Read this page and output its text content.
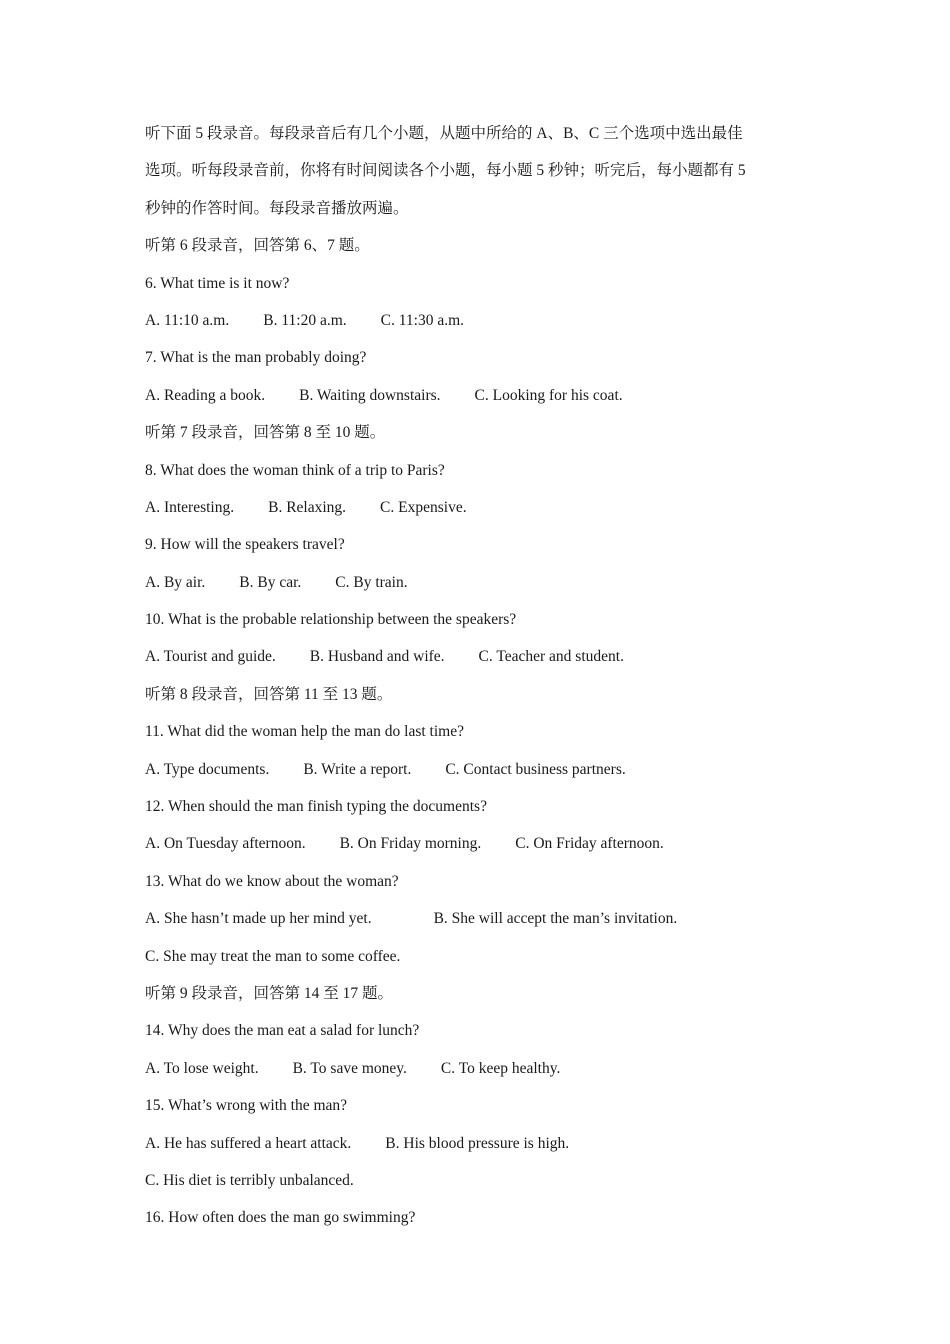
听下面 5 段录音。每段录音后有几个小题，从题中所给的 A、B、C 三个选项中选出最佳
选项。听每段录音前，你将有时间阅读各个小题，每小题 5 秒钟；听完后，每小题都有 5
秒钟的作答时间。每段录音播放两遍。
听第 6 段录音，回答第 6、7 题。
6. What time is it now?
A. 11:10 a.m. B. 11:20 a.m. C. 11:30 a.m.
7. What is the man probably doing?
A. Reading a book. B. Waiting downstairs. C. Looking for his coat.
听第 7 段录音，回答第 8 至 10 题。
8. What does the woman think of a trip to Paris?
A. Interesting. B. Relaxing. C. Expensive.
9. How will the speakers travel?
A. By air. B. By car. C. By train.
10. What is the probable relationship between the speakers?
A. Tourist and guide. B. Husband and wife. C. Teacher and student.
听第 8 段录音，回答第 11 至 13 题。
11. What did the woman help the man do last time?
A. Type documents. B. Write a report. C. Contact business partners.
12. When should the man finish typing the documents?
A. On Tuesday afternoon. B. On Friday morning. C. On Friday afternoon.
13. What do we know about the woman?
A. She hasn’t made up her mind yet.	B. She will accept the man’s invitation.
C. She may treat the man to some coffee.
听第 9 段录音，回答第 14 至 17 题。
14. Why does the man eat a salad for lunch?
A. To lose weight. B. To save money. C. To keep healthy.
15. What’s wrong with the man?
A. He has suffered a heart attack. B. His blood pressure is high.
C. His diet is terribly unbalanced.
16. How often does the man go swimming?
